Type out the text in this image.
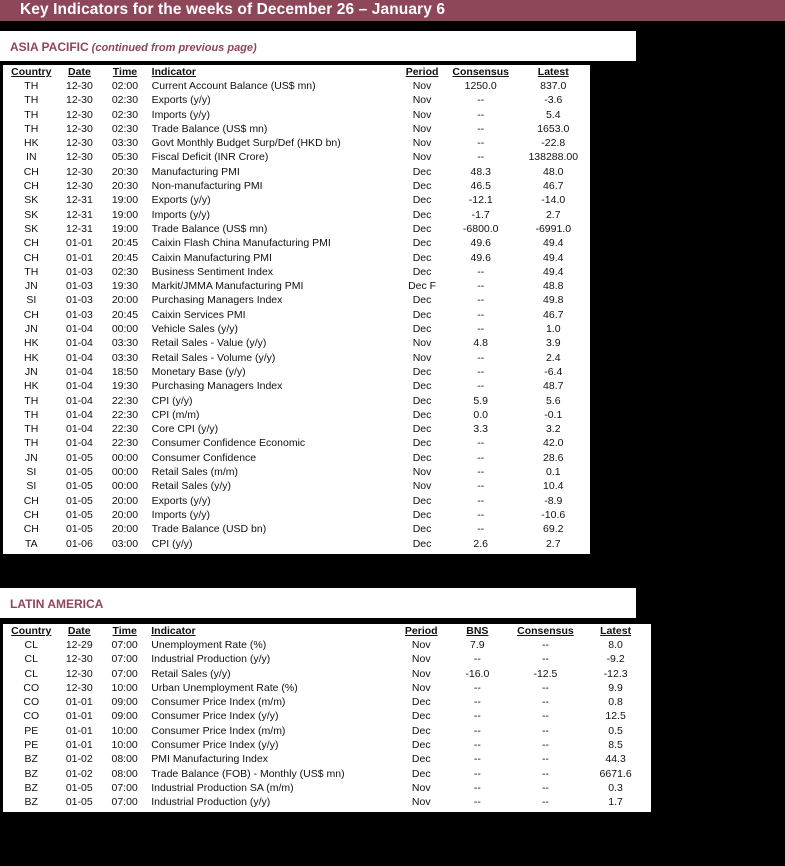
Key Indicators for the weeks of December 26 – January 6
ASIA PACIFIC (continued from previous page)
Country	Date	Time	Indicator	Period	Consensus	Latest
TH	12-30	02:00	Current Account Balance (US$ mn)	Nov	1250.0	837.0
TH	12-30	02:30	Exports (y/y)	Nov	--	-3.6
TH	12-30	02:30	Imports (y/y)	Nov	--	5.4
TH	12-30	02:30	Trade Balance (US$ mn)	Nov	--	1653.0
HK	12-30	03:30	Govt Monthly Budget Surp/Def (HKD bn)	Nov	--	-22.8
IN	12-30	05:30	Fiscal Deficit (INR Crore)	Nov	--	138288.00
CH	12-30	20:30	Manufacturing PMI	Dec	48.3	48.0
CH	12-30	20:30	Non-manufacturing PMI	Dec	46.5	46.7
SK	12-31	19:00	Exports (y/y)	Dec	-12.1	-14.0
SK	12-31	19:00	Imports (y/y)	Dec	-1.7	2.7
SK	12-31	19:00	Trade Balance (US$ mn)	Dec	-6800.0	-6991.0
CH	01-01	20:45	Caixin Flash China Manufacturing PMI	Dec	49.6	49.4
CH	01-01	20:45	Caixin Manufacturing PMI	Dec	49.6	49.4
TH	01-03	02:30	Business Sentiment Index	Dec	--	49.4
JN	01-03	19:30	Markit/JMMA Manufacturing PMI	Dec F	--	48.8
SI	01-03	20:00	Purchasing Managers Index	Dec	--	49.8
CH	01-03	20:45	Caixin Services PMI	Dec	--	46.7
JN	01-04	00:00	Vehicle Sales (y/y)	Dec	--	1.0
HK	01-04	03:30	Retail Sales - Value (y/y)	Nov	4.8	3.9
HK	01-04	03:30	Retail Sales - Volume (y/y)	Nov	--	2.4
JN	01-04	18:50	Monetary Base (y/y)	Dec	--	-6.4
HK	01-04	19:30	Purchasing Managers Index	Dec	--	48.7
TH	01-04	22:30	CPI (y/y)	Dec	5.9	5.6
TH	01-04	22:30	CPI (m/m)	Dec	0.0	-0.1
TH	01-04	22:30	Core CPI (y/y)	Dec	3.3	3.2
TH	01-04	22:30	Consumer Confidence Economic	Dec	--	42.0
JN	01-05	00:00	Consumer Confidence	Dec	--	28.6
SI	01-05	00:00	Retail Sales (m/m)	Nov	--	0.1
SI	01-05	00:00	Retail Sales (y/y)	Nov	--	10.4
CH	01-05	20:00	Exports (y/y)	Dec	--	-8.9
CH	01-05	20:00	Imports (y/y)	Dec	--	-10.6
CH	01-05	20:00	Trade Balance (USD bn)	Dec	--	69.2
TA	01-06	03:00	CPI (y/y)	Dec	2.6	2.7
LATIN AMERICA
Country	Date	Time	Indicator	Period	BNS	Consensus	Latest
CL	12-29	07:00	Unemployment Rate (%)	Nov	7.9	--	8.0
CL	12-30	07:00	Industrial Production (y/y)	Nov	--	--	-9.2
CL	12-30	07:00	Retail Sales (y/y)	Nov	-16.0	-12.5	-12.3
CO	12-30	10:00	Urban Unemployment Rate (%)	Nov	--	--	9.9
CO	01-01	09:00	Consumer Price Index (m/m)	Dec	--	--	0.8
CO	01-01	09:00	Consumer Price Index (y/y)	Dec	--	--	12.5
PE	01-01	10:00	Consumer Price Index (m/m)	Dec	--	--	0.5
PE	01-01	10:00	Consumer Price Index (y/y)	Dec	--	--	8.5
BZ	01-02	08:00	PMI Manufacturing Index	Dec	--	--	44.3
BZ	01-02	08:00	Trade Balance (FOB) - Monthly (US$ mn)	Dec	--	--	6671.6
BZ	01-05	07:00	Industrial Production SA (m/m)	Nov	--	--	0.3
BZ	01-05	07:00	Industrial Production (y/y)	Nov	--	--	1.7
